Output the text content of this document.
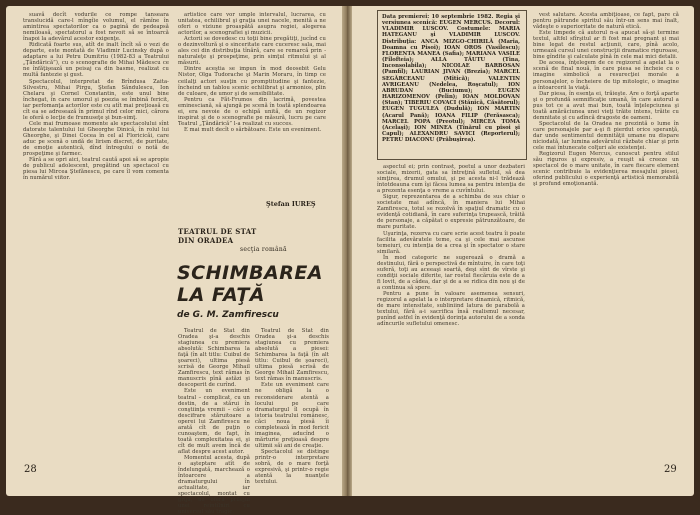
suavă decît vodurile ce rompe tanseara translucidă care-l mîngîie volumul, el rămîne în amintirea spectatorilor ca o pagină de pedeapsă nemiloasă, spectatorul a fost nevoit să se întoarcă înapoi la adevărul acestor exigenţe.

Ridicată foarte sus, atît de inalt încît să o vezi de departe, este montată de Vladimir Lucinsky după o adaptare a lui Petru Dumitriu (1982-83 a Teatrului „Ţăndărică”), cu o scenografie de Mihai Mădescu ce ne înfăţişează un peisaj ca din basme, realizat cu multă fantezie şi gust.

Spectacolul, interpretat de Brîndusa Zaita-Silvestru, Mihai Pirgu, Ştefan Săndulescu, Ion Chelaru şi Cornel Constantin, este unul bine închegat, în care umorul şi poezia se îmbină fericit, iar perfomanţa actorilor este cu atît mai preţioasă cu cît ea se adresează în primul rînd celor mici, cărora le oferă o lecţie de frumuseţe şi bun-simţ.

Cele mai frumoase momente ale spectacolului sînt datorate talentului lui Gheorghe Dinică, în rolul lui Gheorghe, şi Dinei Cocea în cel al Floricicăi, care aduc pe scenă o undă de lirism discret, de puritate, de emoţie autentică, dînd întregului o notă de prospeţime şi farmec.

Fără a se opri aici, teatrul caută apoi să se apropie de publicul adolescent, pregătind un spectacol cu piesa lui Mircea Ştefănescu, pe care îl vom comenta în numărul viitor.

artistice care vor umple intervalul, lucrarea, cu unitatea, echilibrul şi graţia unei nacele, menită a ne oferi o viziune proaspătă asupra regiei, alegerea actorilor, a scenografiei şi muzicii.

Actorii se dovedesc cu toţii bine pregătiţi, jucînd cu o dezinvoltură şi o sinceritate care cuceresc sala, mai ales cei din distribuţia tînără, care se remarcă prin naturaleţe şi prospeţime, prin simţul ritmului şi al măsurii.

Dintre aceştia se impun în mod deosebit Gelu Nistor, Olga Tudorache şi Marin Moraru, în timp ce ceilalţi actori susţin cu promptitudine şi fantezie, încheind un tablou scenic echilibrat şi armonios, plin de culoare, de umor şi de sensibilitate.

Pentru ca Făt-Frumos din lacrimă, povestea eminesciană, să ajungă pe scenă în toată splendoarea ei, era nevoie de o echipă unită, de un regizor inspirat şi de o scenografie pe măsură, lucru pe care Teatrul „Ţăndărică” l-a realizat cu succes.

E mai mult decît o sărbătoare. Este un eveniment.

Ştefan IUREŞ
TEATRUL DE STAT
DIN ORADEA
secţia română
SCHIMBAREA
LA FAŢĂ
de G. M. Zamfirescu

Teatrul de Stat din Oradea şi-a deschis stagiunea cu premiera absolută: Schimbarea la faţă (în alt titlu: Cuibul de şoareci), ultima piesă scrisă de George Mihail Zamfirescu, text rămas în manuscris pînă astăzi şi descoperit de curînd.

Este un eveniment teatral – complicat, cu un destin, de a stărui în conştiinţa vremii – căci o descifrare stăruitoare a operei lui Zamfirescu ne arată cît de puţin o cunoaştem, de fapt, în toată complexitatea ei, şi cît de mult avem încă de aflat despre acest autor.

Momentul acesta, după o aşteptare atît de îndelungată, marchează o întoarcere a dramaturgului în actualitate, iar spectacolul, montat cu grijă, ne oferă prilejul unei reîntîlniri cu universul său tragic.

Teatrul de Stat din Oradea şi-a deschis stagiunea cu premiera absolută a piesei: Schimbarea la faţă (în alt titlu: Cuibul de şoareci), ultima piesă scrisă de George Mihail Zamfirescu, text rămas în manuscris.

Este un eveniment care ne obligă la o reconsiderare atentă a locului pe care dramaturgul îl ocupă în istoria teatrului românesc, căci noua piesă îi completează în mod fericit imaginea, aducînd o mărturie preţioasă despre ultimii săi ani de creaţie.

Spectacolul se distinge printr-o interpretare sobră, de o mare forţă expresivă, şi printr-o regie atentă la nuanţele textului.

28
Data premierei: 10 septembrie 1982. Regia şi versiunea scenică: EUGEN MERCUS. Decorul: VLADIMIR LUSCOV. Costumele: MARIA HATEGANU şi VLADIMIR LUSCOV. Distribuţia: ANCA MIZGO-CHIRILĂ (Maria, Doamna cu Pisoi); IOAN OROS (Vasilescu); FLORENTA MANEA (Safia); MARIANA VASILE (Filofteia); ALLA TĂUTU (Tina, Inconsolabila); NICOLAE BARBOSAN (Pamfil); LAURIAN JIVAN (Brezia); MARCEL SEGĂRCEANU (Mitică); VALENTIN AVRIGEANU (Nedelea, Roşcatul); ION ABRUDAN (Buciumu); EUGEN HARIZOMENOV (Pelin); IOAN MOLDOVAN (Stan); TIBERIU COVACI (Stănică, Căsătorul); EUGEN TUGULEA (Dudulă); ION MARTIN (Acarul Pană); IOANA FILIP (Ferăsasca); MARCEL POPA (Preotul); MIRCEA TOMA (Acelaşi); ION MINEA (Tînărul cu pisoi şi Capul); ALEXANDRU SAVICI (Reporterul); PETRU DIACONU (Prăbuşirea).

aspectul ei; prin contrast, poetul a unor dezbateri sociale, mizerii, gata sa întreţină sufletul, să dea simţirea, drumul omului, şi pe acesta ni-l trădează întotdeauna cum îşi făcea lumea sa pentru intenţia de a prezenta esenţa o vreme a cuvîntului.

Sigur, reprezentarea de a schimba de sus chiar o societate mai adîncă, în maniera lui Mihai Zamfirescu, totul se rezolvă în spaţiul dramatic cu o evidenţă cotidiană, în care suferinţa trupească, trăită de personaje, a căpătat o expresie pătrunzătoare, de mare puritate.

Uşurinţa, rezerva cu care scrie acest teatru îi poate facilita adevăratele teme, ca şi cele mai ascunse temeiuri, cu intenţia de a crea şi în spectator o stare similară.

În mod categoric ne sugerează o dramă a destinului, fără o perspectivă de mîntuire, în care toţi suferă, toţi au aceeaşi soartă, deşi sînt de vîrste şi condiţii sociale diferite, iar rostul fiecăruia este de a fi lovit, de a cădea, dar şi de a se ridica din nou şi de a continua să spere.

Pentru a pune în valoare asemenea sensuri, regizorul a apelat la o interpretare dinamică, ritmică, de mare intensitate, subliniind latura de parabolă a textului, fără a-i sacrifica însă realismul necesar, punînd astfel în evidenţă dorinţa autorului de a sonda adîncurile sufletului omenesc.

vest salutare. Acesta ambiţioase, ce fapt, pare că pentru pătrunde spiritul său într-un sens mai înalt, vădeşte o superioritate de natură etică.

Este limpede că autorul n-a apucat să-şi termine textul, altfel sfîrşitul ar fi fost mai pregnant şi mai bine legat de restul acţiunii, care, pînă acolo, urmează cursul unei construcţii dramatice riguroase, bine gîndite şi calculate pînă în cele mai mici detalii.

De aceea, înţelegem de ce regizorul a apelat la o scenă de final nouă, în care piesa se încheie cu o imagine simbolică a resurecţiei morale a personajelor, o încheiere de tip mitologic, o imagine a întoarcerii la viaţă.

Dar piesa, în esenţa ei, trăieşte. Are o forţă aparte şi o profundă semnificaţie umană, în care autorul a pus tot ce a avut mai bun, toată înţelepciunea şi toată amărăciunea unei vieţi trăite intens, trăite cu demnitate şi cu adîncă dragoste de oameni.

Spectacolul de la Oradea ne prezintă o lume în care personajele par a-şi fi pierdut orice speranţă, dar unde sentimentul demnităţii umane nu dispare niciodată, iar lumina adevărului răzbate chiar şi prin cele mai întunecate colţuri ale existenţei.

Regizorul Eugen Mercus, cunoscut pentru stilul său riguros şi expresiv, a reuşit să creeze un spectacol de o mare unitate, în care fiecare element scenic contribuie la evidenţierea mesajului piesei, oferind publicului o experienţă artistică memorabilă şi profund emoţionantă.

29
